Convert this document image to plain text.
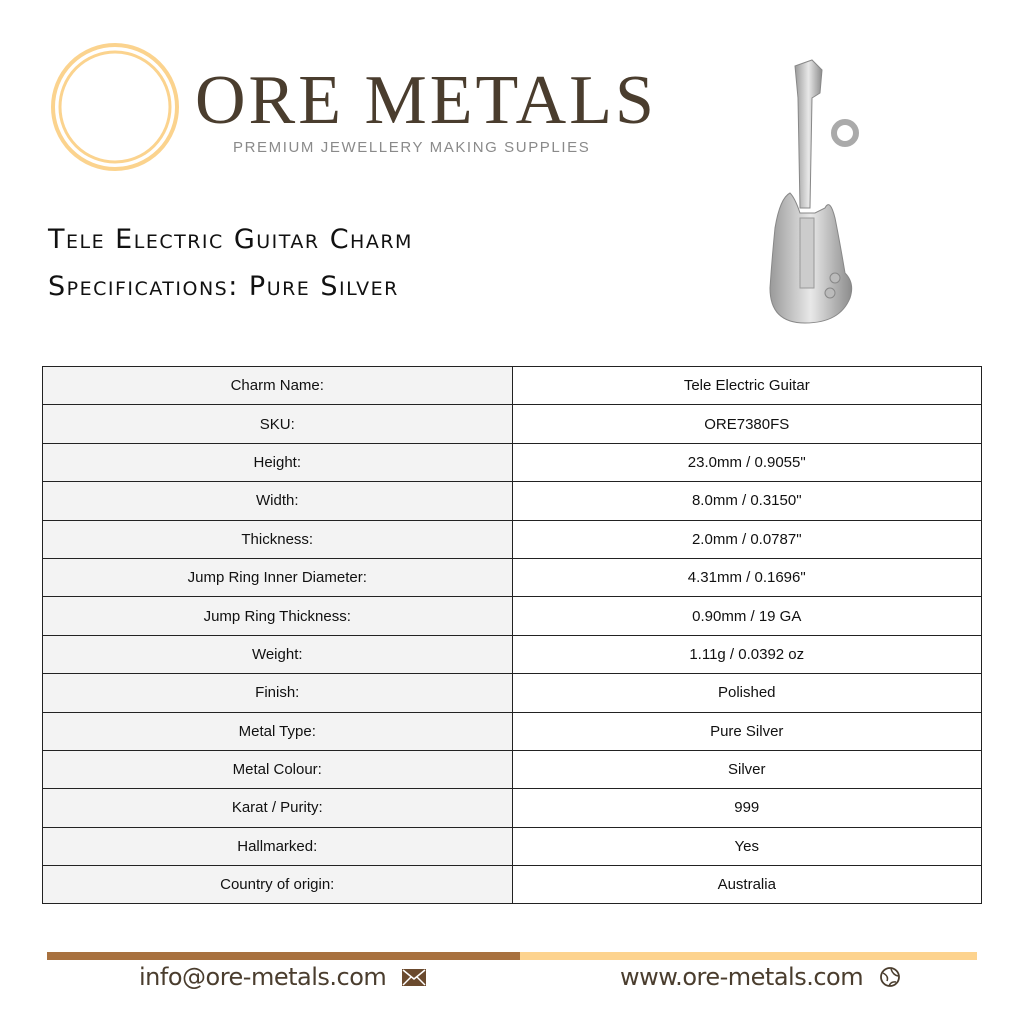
ORE METALS
PREMIUM JEWELLERY MAKING SUPPLIES
Tele Electric Guitar Charm
Specifications: Pure Silver
Charm Name:	Tele Electric Guitar
SKU:	ORE7380FS
Height:	23.0mm / 0.9055"
Width:	8.0mm / 0.3150"
Thickness:	2.0mm / 0.0787"
Jump Ring Inner Diameter:	4.31mm / 0.1696"
Jump Ring Thickness:	0.90mm / 19 GA
Weight:	1.11g / 0.0392 oz
Finish:	Polished
Metal Type:	Pure Silver
Metal Colour:	Silver
Karat / Purity:	999
Hallmarked:	Yes
Country of origin:	Australia
info@ore-metals.com	www.ore-metals.com
